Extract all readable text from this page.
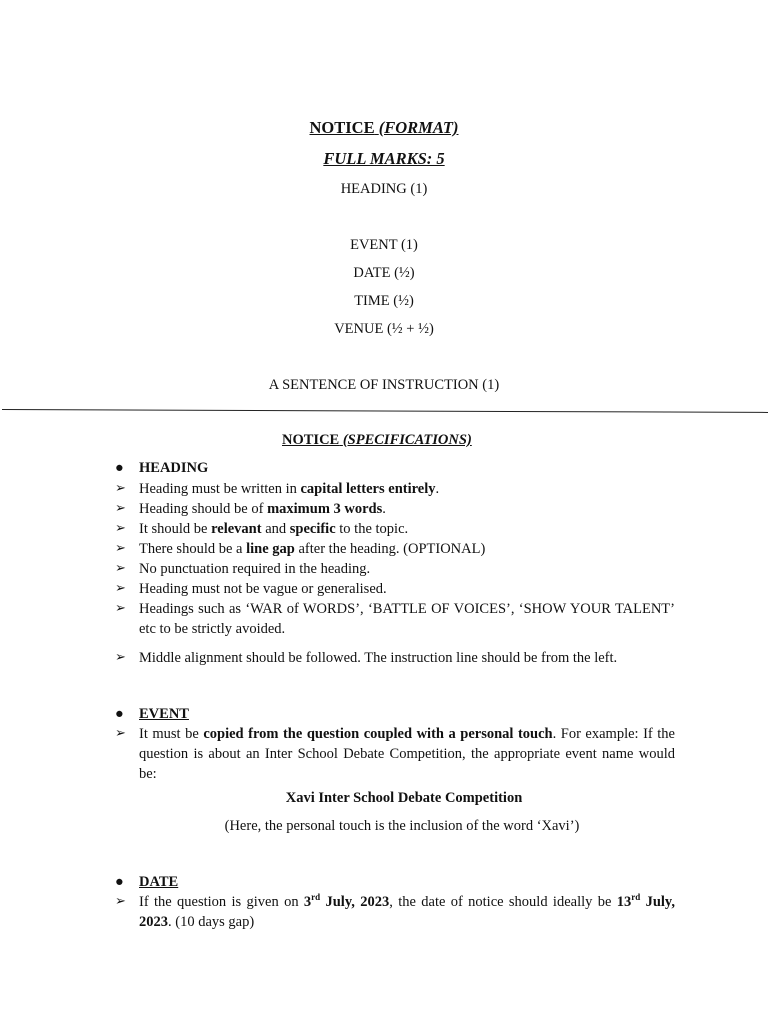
NOTICE (FORMAT)
FULL MARKS: 5
HEADING (1)
EVENT (1)
DATE (½)
TIME (½)
VENUE (½ + ½)
A SENTENCE OF INSTRUCTION (1)
NOTICE (SPECIFICATIONS)
● HEADING
➢ Heading must be written in capital letters entirely.
➢ Heading should be of maximum 3 words.
➢ It should be relevant and specific to the topic.
➢ There should be a line gap after the heading. (OPTIONAL)
➢ No punctuation required in the heading.
➢ Heading must not be vague or generalised.
➢ Headings such as ‘WAR of WORDS’, ‘BATTLE OF VOICES’, ‘SHOW YOUR TALENT’ etc to be strictly avoided.
➢ Middle alignment should be followed. The instruction line should be from the left.
● EVENT
➢ It must be copied from the question coupled with a personal touch. For example: If the question is about an Inter School Debate Competition, the appropriate event name would be:
Xavi Inter School Debate Competition
(Here, the personal touch is the inclusion of the word ‘Xavi’)
● DATE
➢ If the question is given on 3rd July, 2023, the date of notice should ideally be 13rd July, 2023. (10 days gap)
